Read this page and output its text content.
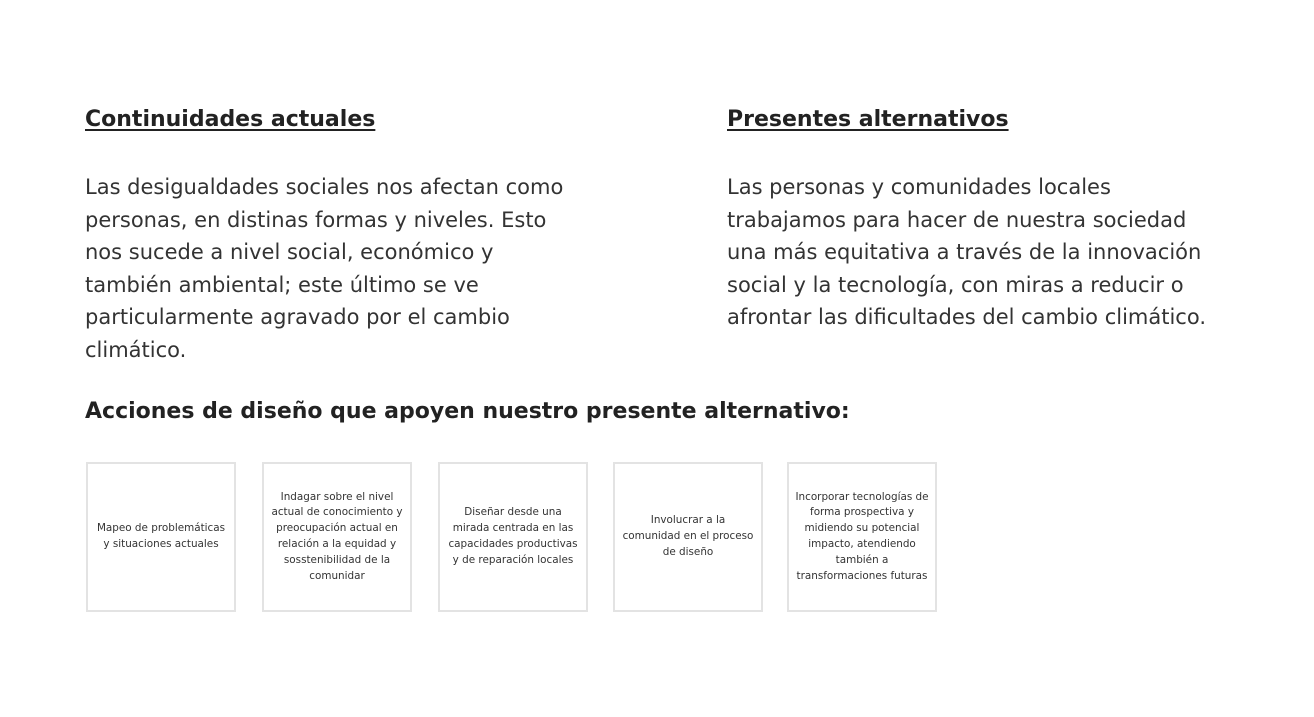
Continuidades actuales

Las desigualdades sociales nos afectan como personas, en distinas formas y niveles. Esto nos sucede a nivel social, económico y también ambiental; este último se ve particularmente agravado por el cambio climático.

Presentes alternativos

Las personas y comunidades locales trabajamos para hacer de nuestra sociedad una más equitativa a través de la innovación social y la tecnología, con miras a reducir o afrontar las dificultades del cambio climático.

Acciones de diseño que apoyen nuestro presente alternativo:
Mapeo de problemáticas y situaciones actuales
Indagar sobre el nivel actual de conocimiento y preocupación actual en relación a la equidad y sosstenibilidad de la comunidar
Diseñar desde una mirada centrada en las capacidades productivas y de reparación locales
Involucrar a la comunidad en el proceso de diseño
Incorporar tecnologías de forma prospectiva y midiendo su potencial impacto, atendiendo también a transformaciones futuras
